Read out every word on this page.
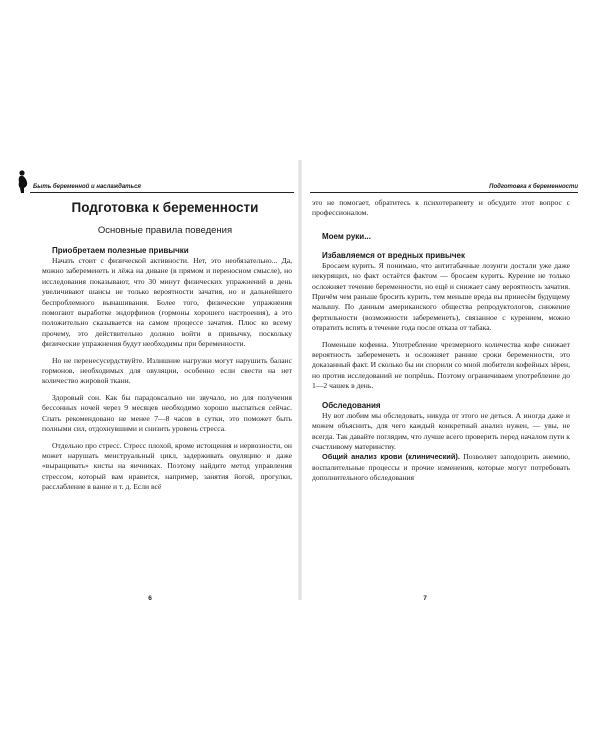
Быть беременной и наслаждаться
Подготовка к беременности
Основные правила поведения
Приобретаем полезные привычки

Начать стоит с физической активности. Нет, это необязательно... Да, можно забеременеть и лёжа на диване (в прямом и переносном смысле), но исследования показывают, что 30 минут физических упражнений в день увеличивают шансы не только вероятности зачатия, но и дальнейшего беспроблемного вынашивания. Более того, физические упражнения помогают выработке эндорфинов (гормоны хорошего настроения), а это положительно сказывается на самом процессе зачатия. Плюс ко всему прочему, это действительно должно войти в привычку, поскольку физические упражнения будут необходимы при беременности.

Но не перенесусердствуйте. Излишние нагрузки могут нарушить баланс гормонов, необходимых для овуляции, особенно если свести на нет количество жировой ткани.

Здоровый сон. Как бы парадоксально ни звучало, но для получения бессонных ночей через 9 месяцев необходимо хорошо выспаться сейчас. Спать рекомендовано не менее 7—8 часов в сутки, это поможет быть полными сил, отдохнувшими и снизить уровень стресса.

Отдельно про стресс. Стресс плохой, кроме истощения и нервозности, он может нарушать менструальный цикл, задерживать овуляцию и даже «выращивать» кисты на яичниках. Поэтому найдите метод управления стрессом, который вам нравится, например, занятия йогой, прогулки, расслабление в ванне и т. д. Если всё

6
Подготовка к беременности

это не помогает, обратитесь к психотерапевту и обсудите этот вопрос с профессионалом.

Моем руки...
Избавляемся от вредных привычек

Бросаем курить. Я понимаю, что антитабачные лозунги достали уже даже некурящих, но факт остаётся фактом — бросаем курить. Курение не только осложняет течение беременности, но ещё и снижает саму вероятность зачатия. Причём чем раньше бросить курить, тем меньше вреда вы принесём будущему малышу. По данным американского общества репродуктологов, снижение фертильности (возможности забеременеть), связанное с курением, можно отвратить вспять в течение года после отказа от табака.

Поменьше кофеина. Употребление чрезмерного количества кофе снижает вероятность забеременеть и осложняет ранние сроки беременности, это доказанный факт. И сколько бы ни спорили со мной любители кофейных зёрен, но против исследований не попрёшь. Поэтому ограничиваем употребление до 1—2 чашек в день.

Обследования

Ну вот любим мы обследовать, никуда от этого не деться. А иногда даже и можем объяснить, для чего каждый конкретный анализ нужен, — увы, не всегда. Так давайте поглядим, что лучше всего проверить перед началом пути к счастливому материнству.

Общий анализ крови (клинический). Позволяет заподозрить анемию, воспалительные процессы и прочие изменения, которые могут потребовать дополнительного обследования

7
